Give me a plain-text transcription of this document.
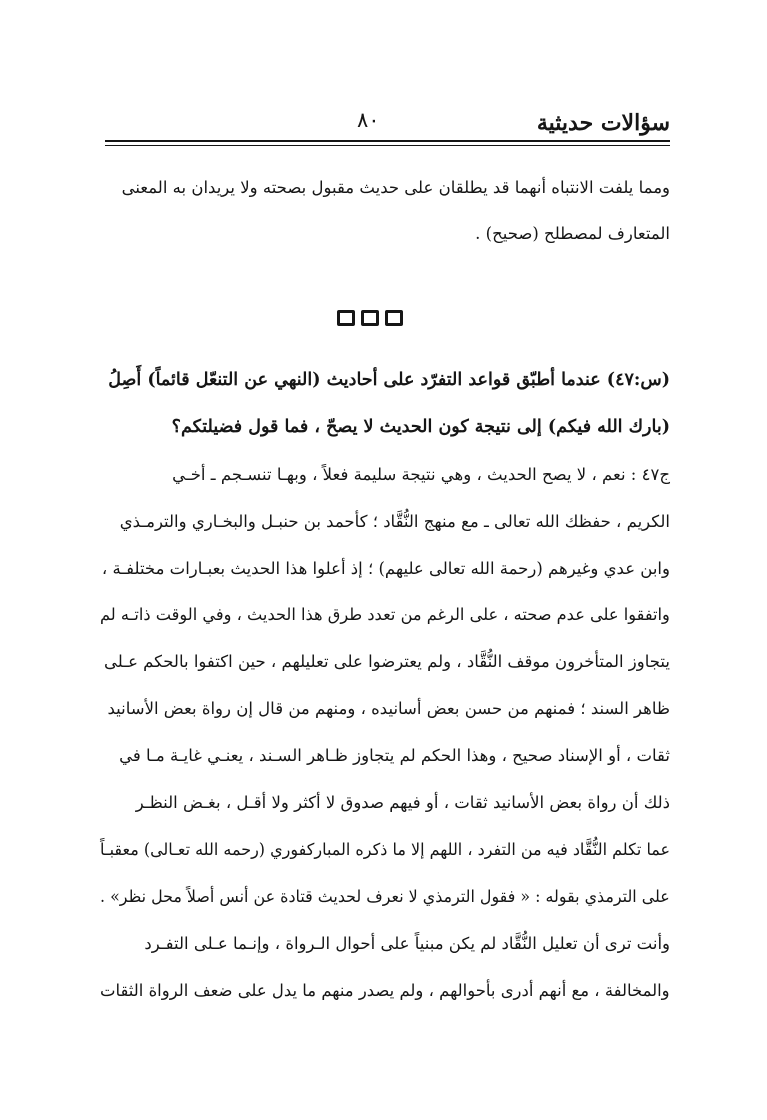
سؤالات حديثية
٨٠
ومما يلفت الانتباه أنهما قد يطلقان على حديث مقبول بصحته ولا يريدان به المعنى
المتعارف لمصطلح (صحيح) .
(س:٤٧) عندما أطبّق قواعد التفرّد على أحاديث (النهي عن التنعّل قائماً) أَصِلُ
(بارك الله فيكم) إلى نتيجة كون الحديث لا يصحّ ، فما قول فضيلتكم؟
ج٤٧ : نعم ، لا يصح الحديث ، وهي نتيجة سليمة فعلاً ، وبهـا تنسـجم ـ أخـي
الكريم ، حفظك الله تعالى ـ مع منهج النُّقَّاد ؛ كأحمد بن حنبـل والبخـاري والترمـذي
وابن عدي وغيرهم (رحمة الله تعالى عليهم) ؛ إذ أعلوا هذا الحديث بعبـارات مختلفـة ،
واتفقوا على عدم صحته ، على الرغم من تعدد طرق هذا الحديث ، وفي الوقت ذاتـه لم
يتجاوز المتأخرون موقف النُّقَّاد ، ولم يعترضوا على تعليلهم ، حين اكتفوا بالحكم عـلى
ظاهر السند ؛ فمنهم من حسن بعض أسانيده ، ومنهم من قال إن رواة بعض الأسانيد
ثقات ، أو الإسناد صحيح ، وهذا الحكم لم يتجاوز ظـاهر السـند ، يعنـي غايـة مـا في
ذلك أن رواة بعض الأسانيد ثقات ، أو فيهم صدوق لا أكثر ولا أقـل ، بغـض النظـر
عما تكلم النُّقَّاد فيه من التفرد ، اللهم إلا ما ذكره المباركفوري (رحمه الله تعـالى) معقبـاً
على الترمذي بقوله : « فقول الترمذي لا نعرف لحديث قتادة عن أنس أصلاً محل نظر» .
وأنت ترى أن تعليل النُّقَّاد لم يكن مبنياً على أحوال الـرواة ، وإنـما عـلى التفـرد
والمخالفة ، مع أنهم أدرى بأحوالهم ، ولم يصدر منهم ما يدل على ضعف الرواة الثقات
